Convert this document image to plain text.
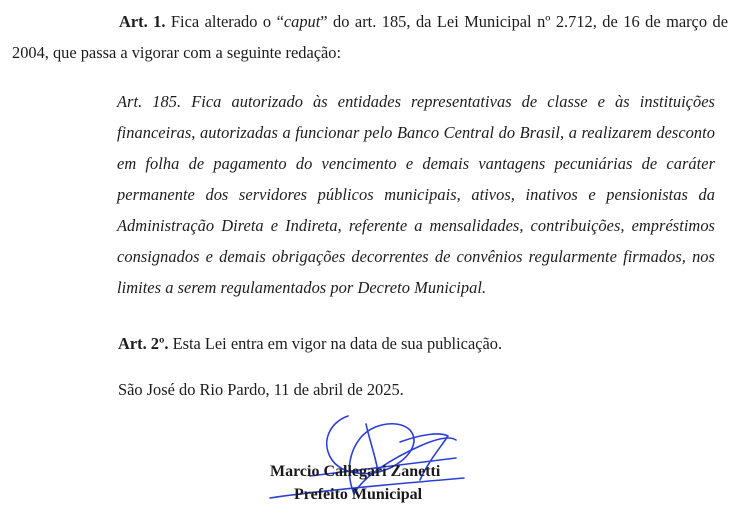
Art. 1. Fica alterado o “caput” do art. 185, da Lei Municipal nº 2.712, de 16 de março de 2004, que passa a vigorar com a seguinte redação:

Art. 185. Fica autorizado às entidades representativas de classe e às instituições financeiras, autorizadas a funcionar pelo Banco Central do Brasil, a realizarem desconto em folha de pagamento do vencimento e demais vantagens pecuniárias de caráter permanente dos servidores públicos municipais, ativos, inativos e pensionistas da Administração Direta e Indireta, referente a mensalidades, contribuições, empréstimos consignados e demais obrigações decorrentes de convênios regularmente firmados, nos limites a serem regulamentados por Decreto Municipal.

Art. 2º. Esta Lei entra em vigor na data de sua publicação.

São José do Rio Pardo, 11 de abril de 2025.

Marcio Callegari Zanetti
Prefeito Municipal
